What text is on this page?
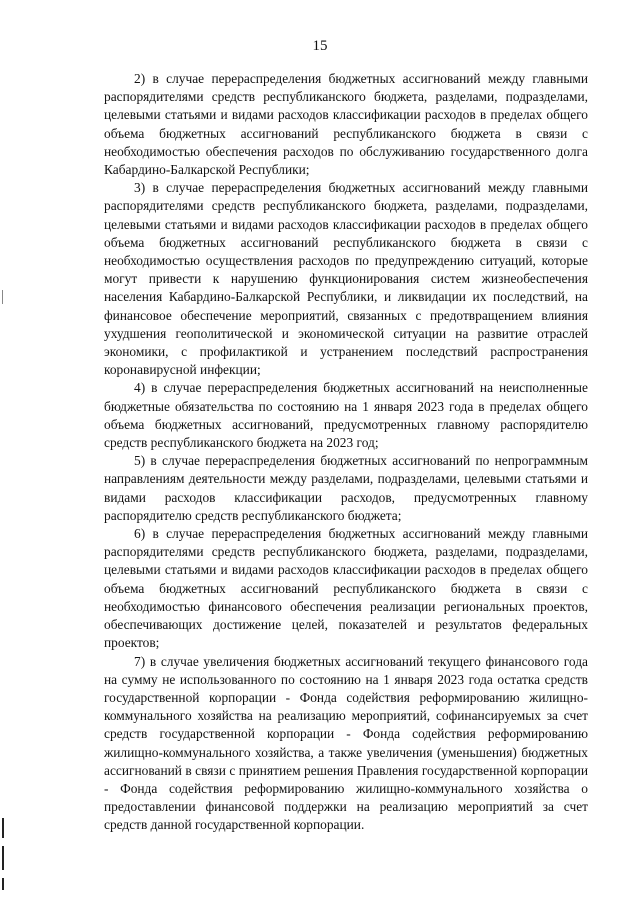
15

2) в случае перераспределения бюджетных ассигнований между главными распорядителями средств республиканского бюджета, разделами, подразделами, целевыми статьями и видами расходов классификации расходов в пределах общего объема бюджетных ассигнований республиканского бюджета в связи с необходимостью обеспечения расходов по обслуживанию государственного долга Кабардино-Балкарской Республики;

3) в случае перераспределения бюджетных ассигнований между главными распорядителями средств республиканского бюджета, разделами, подразделами, целевыми статьями и видами расходов классификации расходов в пределах общего объема бюджетных ассигнований республиканского бюджета в связи с необходимостью осуществления расходов по предупреждению ситуаций, которые могут привести к нарушению функционирования систем жизнеобеспечения населения Кабардино-Балкарской Республики, и ликвидации их последствий, на финансовое обеспечение мероприятий, связанных с предотвращением влияния ухудшения геополитической и экономической ситуации на развитие отраслей экономики, с профилактикой и устранением последствий распространения коронавирусной инфекции;

4) в случае перераспределения бюджетных ассигнований на неисполненные бюджетные обязательства по состоянию на 1 января 2023 года в пределах общего объема бюджетных ассигнований, предусмотренных главному распорядителю средств республиканского бюджета на 2023 год;

5) в случае перераспределения бюджетных ассигнований по непрограммным направлениям деятельности между разделами, подразделами, целевыми статьями и видами расходов классификации расходов, предусмотренных главному распорядителю средств республиканского бюджета;

6) в случае перераспределения бюджетных ассигнований между главными распорядителями средств республиканского бюджета, разделами, подразделами, целевыми статьями и видами расходов классификации расходов в пределах общего объема бюджетных ассигнований республиканского бюджета в связи с необходимостью финансового обеспечения реализации региональных проектов, обеспечивающих достижение целей, показателей и результатов федеральных проектов;

7) в случае увеличения бюджетных ассигнований текущего финансового года на сумму не использованного по состоянию на 1 января 2023 года остатка средств государственной корпорации - Фонда содействия реформированию жилищно-коммунального хозяйства на реализацию мероприятий, софинансируемых за счет средств государственной корпорации - Фонда содействия реформированию жилищно-коммунального хозяйства, а также увеличения (уменьшения) бюджетных ассигнований в связи с принятием решения Правления государственной корпорации - Фонда содействия реформированию жилищно-коммунального хозяйства о предоставлении финансовой поддержки на реализацию мероприятий за счет средств данной государственной корпорации.
